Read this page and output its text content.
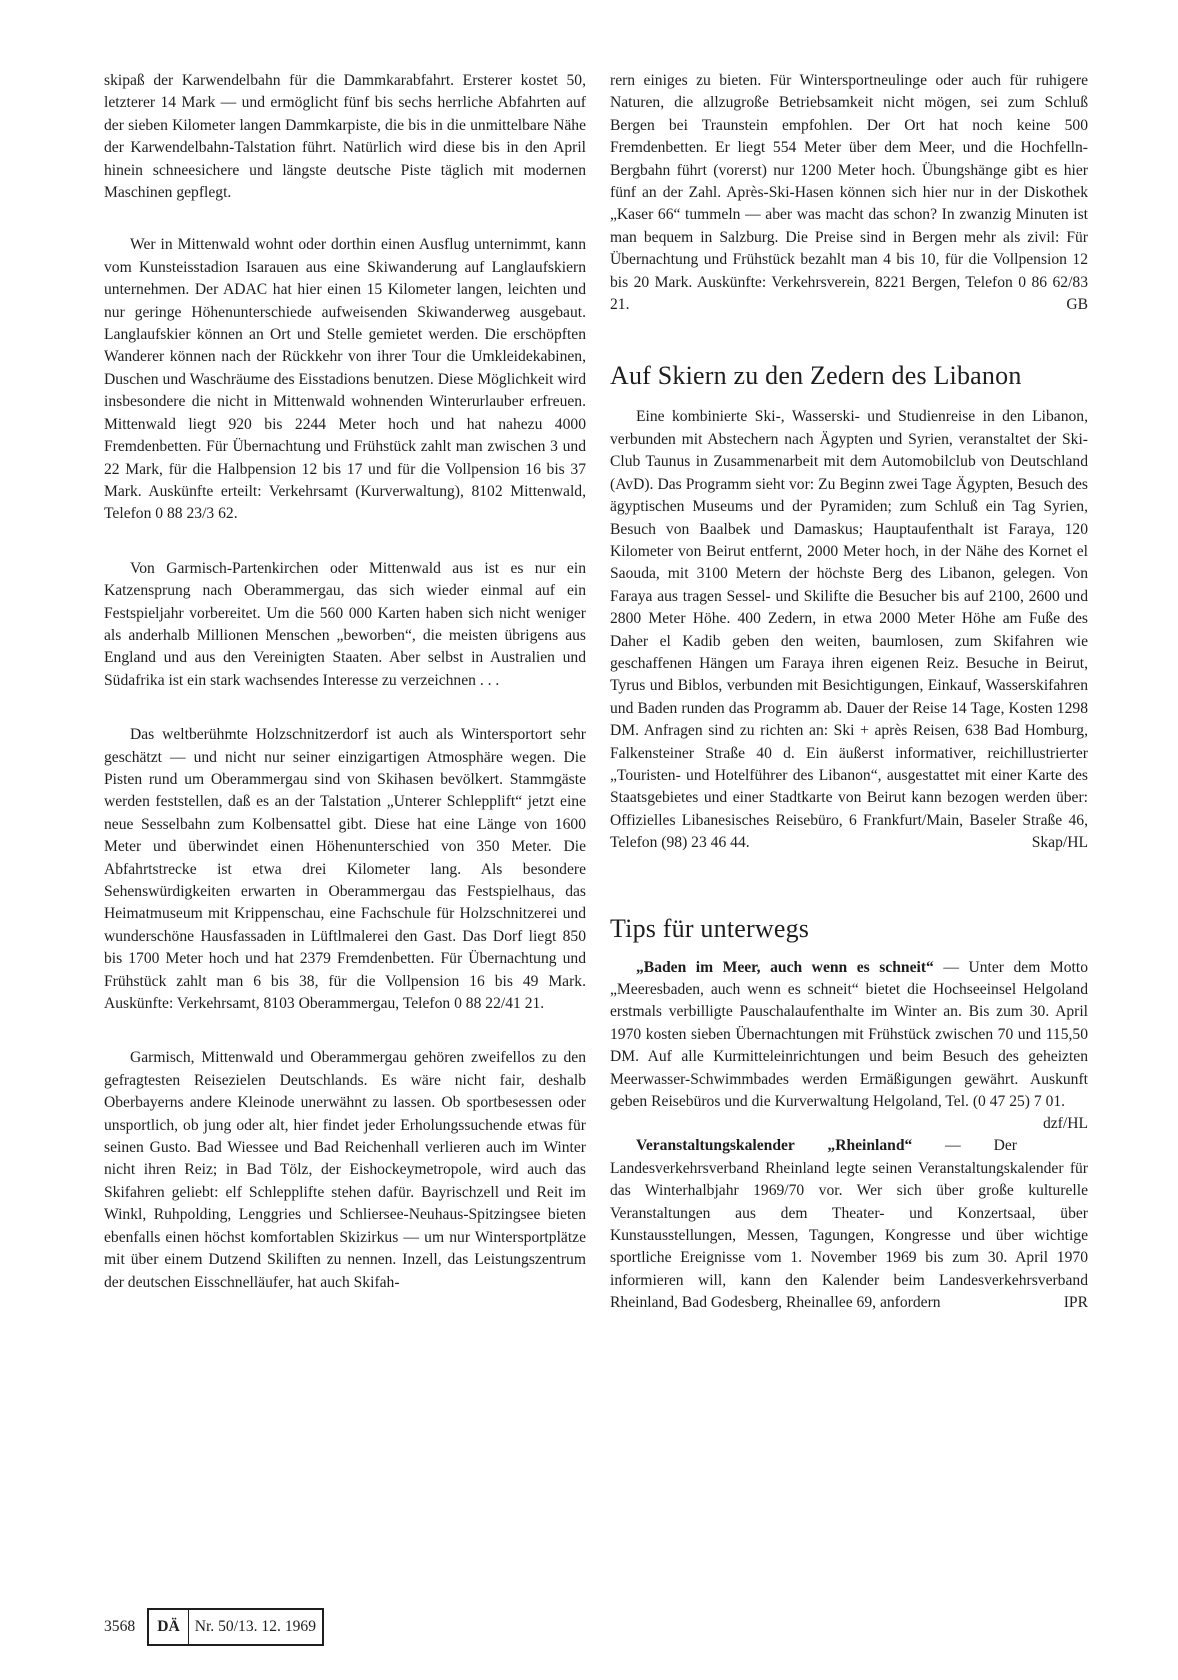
skipaß der Karwendelbahn für die Dammkarabfahrt. Ersterer kostet 50, letzterer 14 Mark — und ermöglicht fünf bis sechs herrliche Abfahrten auf der sieben Kilometer langen Dammkarpiste, die bis in die unmittelbare Nähe der Karwendelbahn-Talstation führt. Natürlich wird diese bis in den April hinein schneesichere und längste deutsche Piste täglich mit modernen Maschinen gepflegt.

Wer in Mittenwald wohnt oder dorthin einen Ausflug unternimmt, kann vom Kunsteisstadion Isarauen aus eine Skiwanderung auf Langlaufskiern unternehmen. Der ADAC hat hier einen 15 Kilometer langen, leichten und nur geringe Höhenunterschiede aufweisenden Skiwanderweg ausgebaut. Langlaufskier können an Ort und Stelle gemietet werden. Die erschöpften Wanderer können nach der Rückkehr von ihrer Tour die Umkleidekabinen, Duschen und Waschräume des Eisstadions benutzen. Diese Möglichkeit wird insbesondere die nicht in Mittenwald wohnenden Winterurlauber erfreuen. Mittenwald liegt 920 bis 2244 Meter hoch und hat nahezu 4000 Fremdenbetten. Für Übernachtung und Frühstück zahlt man zwischen 3 und 22 Mark, für die Halbpension 12 bis 17 und für die Vollpension 16 bis 37 Mark. Auskünfte erteilt: Verkehrsamt (Kurverwaltung), 8102 Mittenwald, Telefon 0 88 23/3 62.

Von Garmisch-Partenkirchen oder Mittenwald aus ist es nur ein Katzensprung nach Oberammergau, das sich wieder einmal auf ein Festspieljahr vorbereitet. Um die 560 000 Karten haben sich nicht weniger als anderhalb Millionen Menschen „beworben“, die meisten übrigens aus England und aus den Vereinigten Staaten. Aber selbst in Australien und Südafrika ist ein stark wachsendes Interesse zu verzeichnen . . .

Das weltberühmte Holzschnitzerdorf ist auch als Wintersportort sehr geschätzt — und nicht nur seiner einzigartigen Atmosphäre wegen. Die Pisten rund um Oberammergau sind von Skihasen bevölkert. Stammgäste werden feststellen, daß es an der Talstation „Unterer Schlepplift“ jetzt eine neue Sesselbahn zum Kolbensattel gibt. Diese hat eine Länge von 1600 Meter und überwindet einen Höhenunterschied von 350 Meter. Die Abfahrtstrecke ist etwa drei Kilometer lang. Als besondere Sehenswürdigkeiten erwarten in Oberammergau das Festspielhaus, das Heimatmuseum mit Krippenschau, eine Fachschule für Holzschnitzerei und wunderschöne Hausfassaden in Lüftlmalerei den Gast. Das Dorf liegt 850 bis 1700 Meter hoch und hat 2379 Fremdenbetten. Für Übernachtung und Frühstück zahlt man 6 bis 38, für die Vollpension 16 bis 49 Mark. Auskünfte: Verkehrsamt, 8103 Oberammergau, Telefon 0 88 22/41 21.

Garmisch, Mittenwald und Oberammergau gehören zweifellos zu den gefragtesten Reisezielen Deutschlands. Es wäre nicht fair, deshalb Oberbayerns andere Kleinode unerwähnt zu lassen. Ob sportbesessen oder unsportlich, ob jung oder alt, hier findet jeder Erholungssuchende etwas für seinen Gusto. Bad Wiessee und Bad Reichenhall verlieren auch im Winter nicht ihren Reiz; in Bad Tölz, der Eishockeymetropole, wird auch das Skifahren geliebt: elf Schlepplifte stehen dafür. Bayrischzell und Reit im Winkl, Ruhpolding, Lenggries und Schliersee-Neuhaus-Spitzingsee bieten ebenfalls einen höchst komfortablen Skizirkus — um nur Wintersportplätze mit über einem Dutzend Skiliften zu nennen. Inzell, das Leistungszentrum der deutschen Eisschnelläufer, hat auch Skifah-

rern einiges zu bieten. Für Wintersportneulinge oder auch für ruhigere Naturen, die allzugroße Betriebsamkeit nicht mögen, sei zum Schluß Bergen bei Traunstein empfohlen. Der Ort hat noch keine 500 Fremdenbetten. Er liegt 554 Meter über dem Meer, und die Hochfelln-Bergbahn führt (vorerst) nur 1200 Meter hoch. Übungshänge gibt es hier fünf an der Zahl. Après-Ski-Hasen können sich hier nur in der Diskothek „Kaser 66“ tummeln — aber was macht das schon? In zwanzig Minuten ist man bequem in Salzburg. Die Preise sind in Bergen mehr als zivil: Für Übernachtung und Frühstück bezahlt man 4 bis 10, für die Vollpension 12 bis 20 Mark. Auskünfte: Verkehrsverein, 8221 Bergen, Telefon 0 86 62/83 21.	GB

Auf Skiern zu den Zedern des Libanon

Eine kombinierte Ski-, Wasserski- und Studienreise in den Libanon, verbunden mit Abstechern nach Ägypten und Syrien, veranstaltet der Ski-Club Taunus in Zusammenarbeit mit dem Automobilclub von Deutschland (AvD). Das Programm sieht vor: Zu Beginn zwei Tage Ägypten, Besuch des ägyptischen Museums und der Pyramiden; zum Schluß ein Tag Syrien, Besuch von Baalbek und Damaskus; Hauptaufenthalt ist Faraya, 120 Kilometer von Beirut entfernt, 2000 Meter hoch, in der Nähe des Kornet el Saouda, mit 3100 Metern der höchste Berg des Libanon, gelegen. Von Faraya aus tragen Sessel- und Skilifte die Besucher bis auf 2100, 2600 und 2800 Meter Höhe. 400 Zedern, in etwa 2000 Meter Höhe am Fuße des Daher el Kadib geben den weiten, baumlosen, zum Skifahren wie geschaffenen Hängen um Faraya ihren eigenen Reiz. Besuche in Beirut, Tyrus und Biblos, verbunden mit Besichtigungen, Einkauf, Wasserskifahren und Baden runden das Programm ab. Dauer der Reise 14 Tage, Kosten 1298 DM. Anfragen sind zu richten an: Ski + après Reisen, 638 Bad Homburg, Falkensteiner Straße 40 d. Ein äußerst informativer, reichillustrierter „Touristen- und Hotelführer des Libanon“, ausgestattet mit einer Karte des Staatsgebietes und einer Stadtkarte von Beirut kann bezogen werden über: Offizielles Libanesisches Reisebüro, 6 Frankfurt/Main, Baseler Straße 46, Telefon (98) 23 46 44.	Skap/HL

Tips für unterwegs

„Baden im Meer, auch wenn es schneit“ — Unter dem Motto „Meeresbaden, auch wenn es schneit“ bietet die Hochseeinsel Helgoland erstmals verbilligte Pauschalaufenthalte im Winter an. Bis zum 30. April 1970 kosten sieben Übernachtungen mit Frühstück zwischen 70 und 115,50 DM. Auf alle Kurmitteleinrichtungen und beim Besuch des geheizten Meerwasser-Schwimmbades werden Ermäßigungen gewährt. Auskunft geben Reisebüros und die Kurverwaltung Helgoland, Tel. (0 47 25) 7 01.
dzf/HL

Veranstaltungskalender „Rheinland“ — Der Landesverkehrsverband Rheinland legte seinen Veranstaltungskalender für das Winterhalbjahr 1969/70 vor. Wer sich über große kulturelle Veranstaltungen aus dem Theater- und Konzertsaal, über Kunstausstellungen, Messen, Tagungen, Kongresse und über wichtige sportliche Ereignisse vom 1. November 1969 bis zum 30. April 1970 informieren will, kann den Kalender beim Landesverkehrsverband Rheinland, Bad Godesberg, Rheinallee 69, anfordern	IPR

3568	DÄ Nr. 50/13. 12. 1969
